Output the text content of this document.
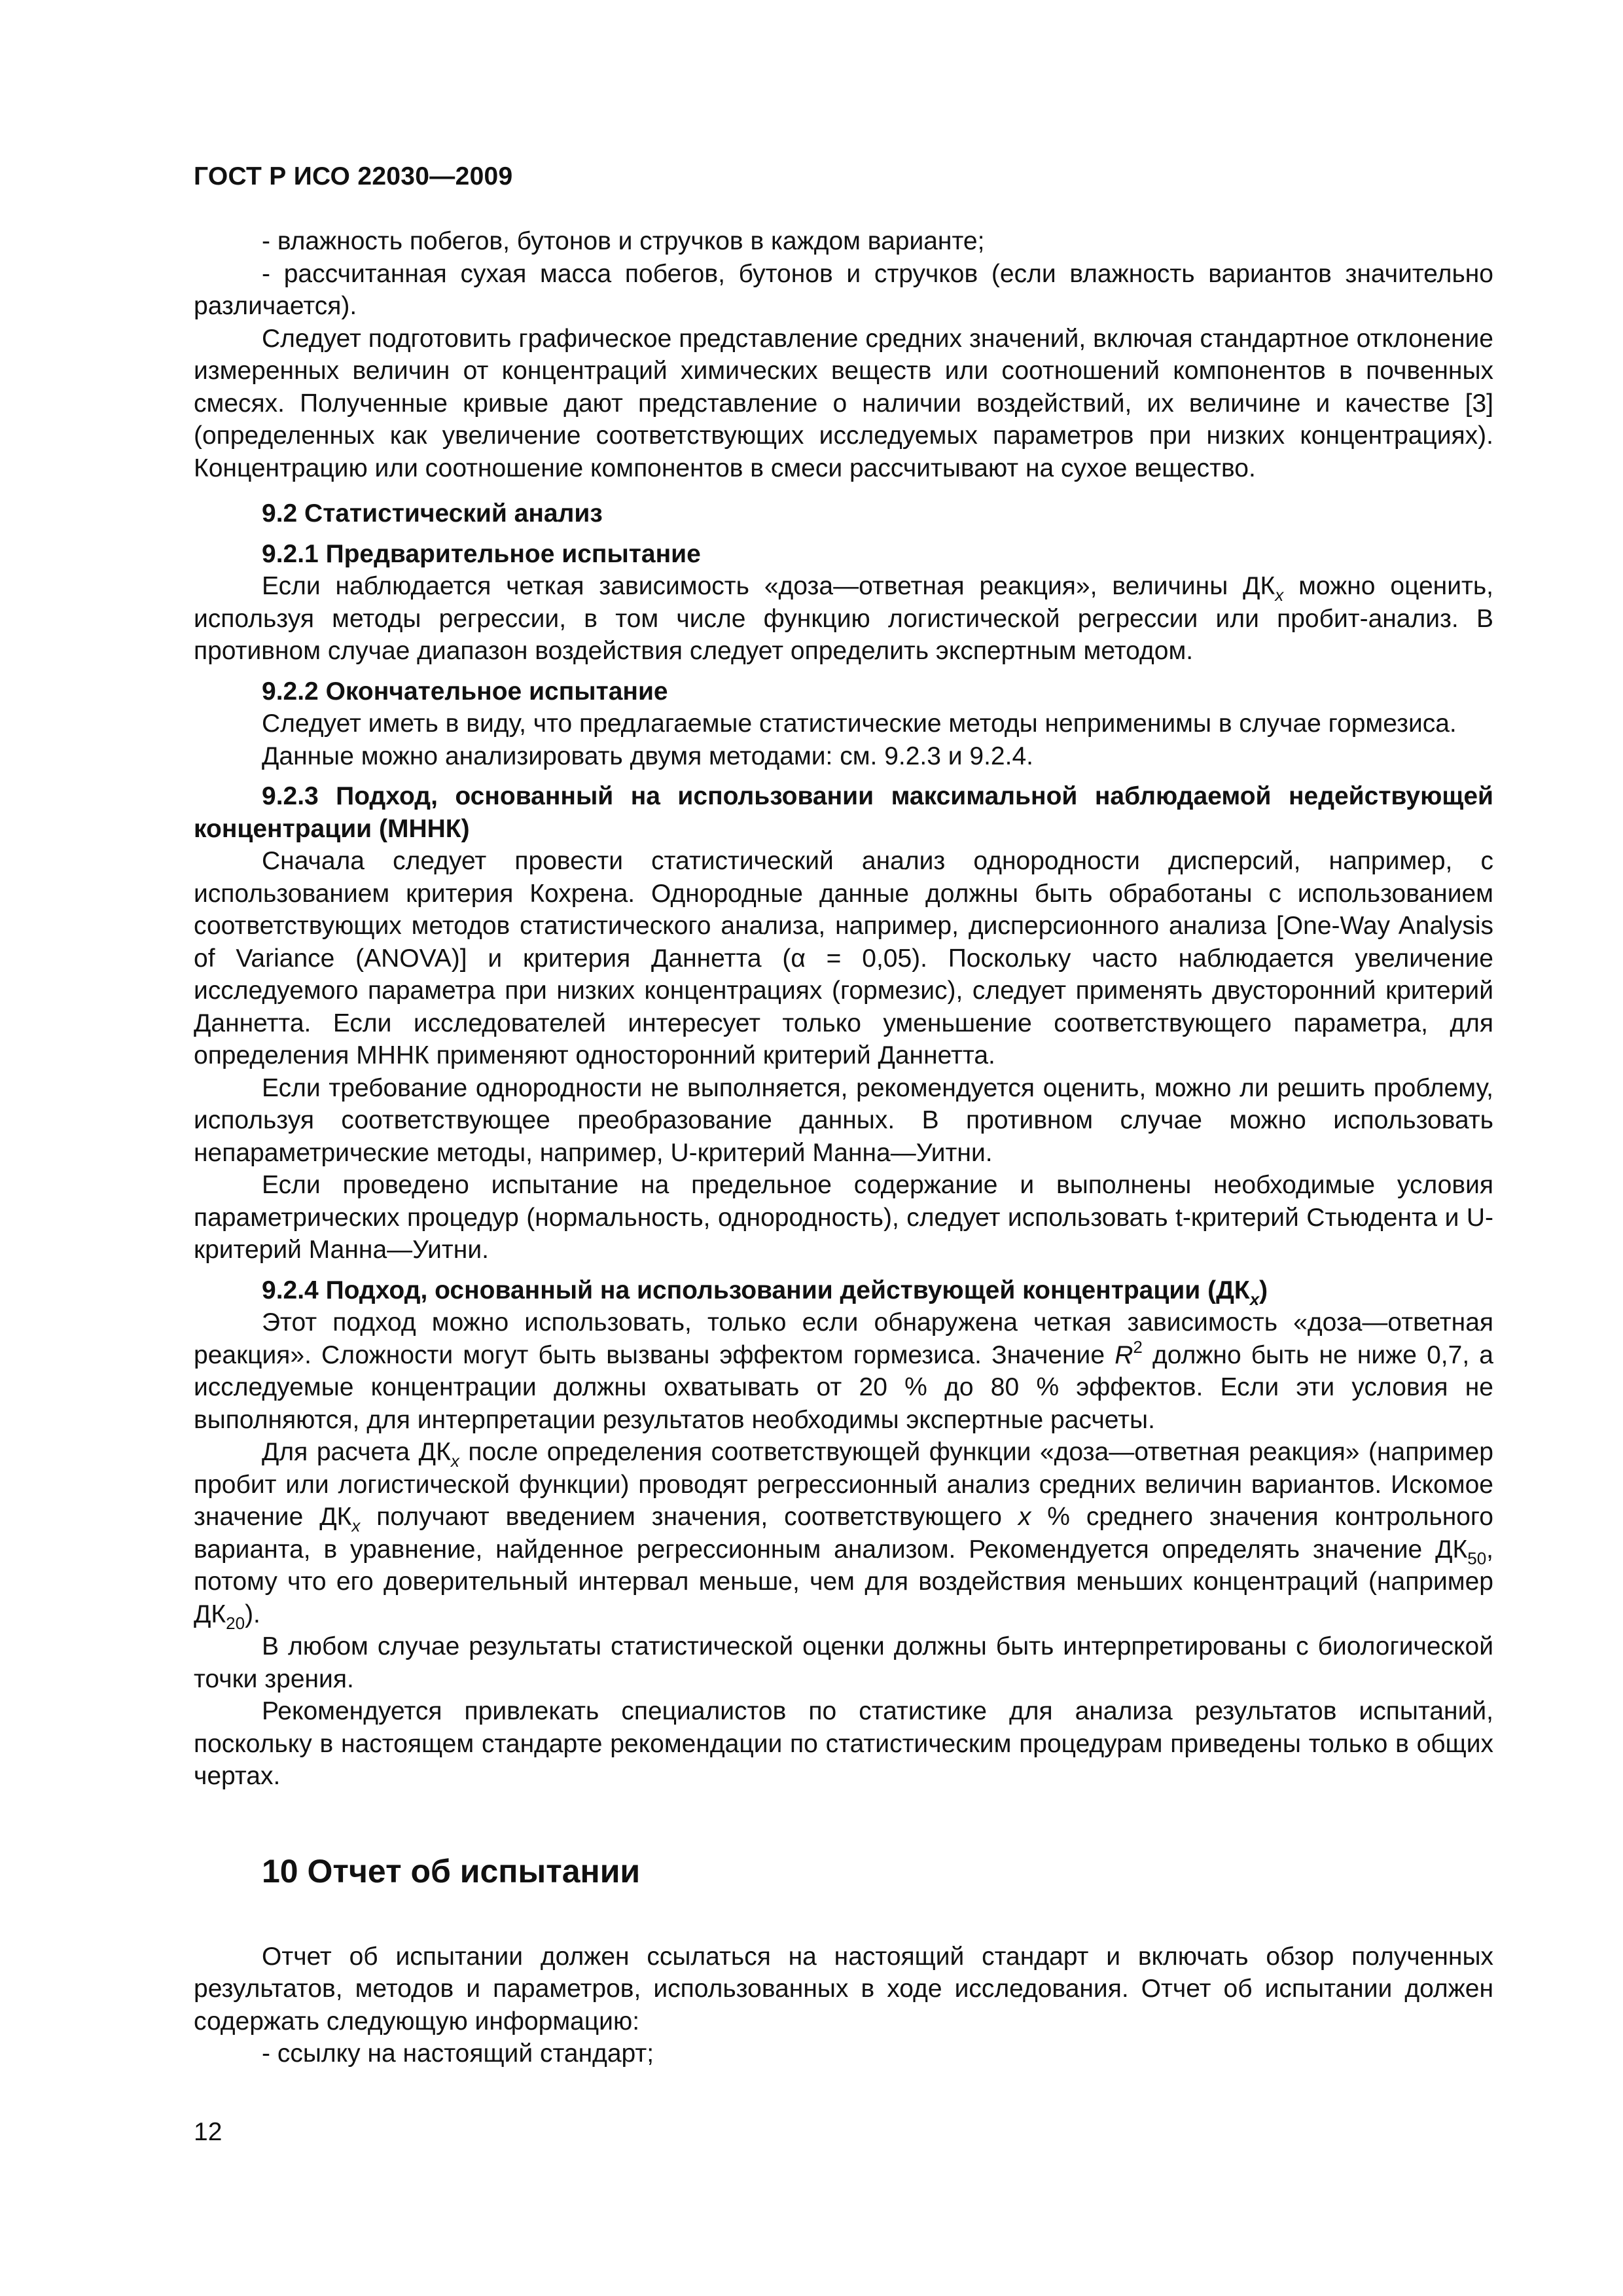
ГОСТ Р ИСО 22030—2009

- влажность побегов, бутонов и стручков в каждом варианте;

- рассчитанная сухая масса побегов, бутонов и стручков (если влажность вариантов значительно различается).

Следует подготовить графическое представление средних значений, включая стандартное отклонение измеренных величин от концентраций химических веществ или соотношений компонентов в почвенных смесях. Полученные кривые дают представление о наличии воздействий, их величине и качестве [3] (определенных как увеличение соответствующих исследуемых параметров при низких концентрациях). Концентрацию или соотношение компонентов в смеси рассчитывают на сухое вещество.

9.2 Статистический анализ
9.2.1 Предварительное испытание

Если наблюдается четкая зависимость «доза—ответная реакция», величины $ДК_x$ можно оценить, используя методы регрессии, в том числе функцию логистической регрессии или пробит-анализ. В противном случае диапазон воздействия следует определить экспертным методом.

9.2.2 Окончательное испытание

Следует иметь в виду, что предлагаемые статистические методы неприменимы в случае гормезиса.

Данные можно анализировать двумя методами: см. 9.2.3 и 9.2.4.

9.2.3 Подход, основанный на использовании максимальной наблюдаемой недействующей концентрации (МННК)

Сначала следует провести статистический анализ однородности дисперсий, например, с использованием критерия Кохрена. Однородные данные должны быть обработаны с использованием соответствующих методов статистического анализа, например, дисперсионного анализа [One-Way Analysis of Variance (ANOVA)] и критерия Даннетта (α = 0,05). Поскольку часто наблюдается увеличение исследуемого параметра при низких концентрациях (гормезис), следует применять двусторонний критерий Даннетта. Если исследователей интересует только уменьшение соответствующего параметра, для определения МННК применяют односторонний критерий Даннетта.

Если требование однородности не выполняется, рекомендуется оценить, можно ли решить проблему, используя соответствующее преобразование данных. В противном случае можно использовать непараметрические методы, например, U-критерий Манна—Уитни.

Если проведено испытание на предельное содержание и выполнены необходимые условия параметрических процедур (нормальность, однородность), следует использовать t-критерий Стьюдента и U-критерий Манна—Уитни.

9.2.4 Подход, основанный на использовании действующей концентрации $(ДК_x)$

Этот подход можно использовать, только если обнаружена четкая зависимость «доза—ответная реакция». Сложности могут быть вызваны эффектом гормезиса. Значение $R^2$ должно быть не ниже 0,7, а исследуемые концентрации должны охватывать от 20 % до 80 % эффектов. Если эти условия не выполняются, для интерпретации результатов необходимы экспертные расчеты.

Для расчета $ДК_x$ после определения соответствующей функции «доза—ответная реакция» (например пробит или логистической функции) проводят регрессионный анализ средних величин вариантов. Искомое значение $ДК_x$ получают введением значения, соответствующего x % среднего значения контрольного варианта, в уравнение, найденное регрессионным анализом. Рекомендуется определять значение $ДК_{50}$, потому что его доверительный интервал меньше, чем для воздействия меньших концентраций (например $ДК_{20}$).

В любом случае результаты статистической оценки должны быть интерпретированы с биологической точки зрения.

Рекомендуется привлекать специалистов по статистике для анализа результатов испытаний, поскольку в настоящем стандарте рекомендации по статистическим процедурам приведены только в общих чертах.

10 Отчет об испытании

Отчет об испытании должен ссылаться на настоящий стандарт и включать обзор полученных результатов, методов и параметров, использованных в ходе исследования. Отчет об испытании должен содержать следующую информацию:

- ссылку на настоящий стандарт;

12
